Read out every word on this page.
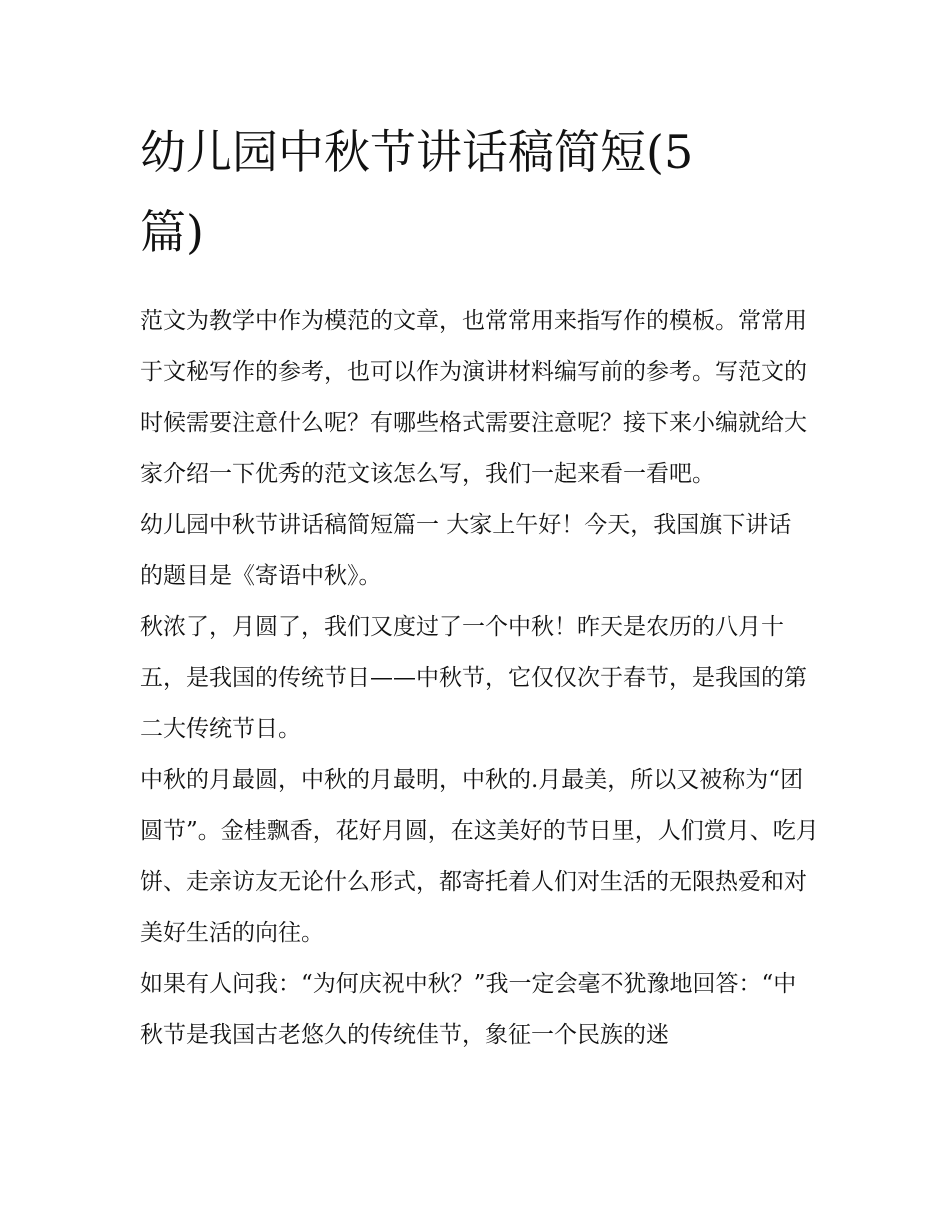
幼儿园中秋节讲话稿简短(5篇)

范文为教学中作为模范的文章，也常常用来指写作的模板。常常用于文秘写作的参考，也可以作为演讲材料编写前的参考。写范文的时候需要注意什么呢？有哪些格式需要注意呢？接下来小编就给大家介绍一下优秀的范文该怎么写，我们一起来看一看吧。

幼儿园中秋节讲话稿简短篇一 大家上午好！今天，我国旗下讲话的题目是《寄语中秋》。

秋浓了，月圆了，我们又度过了一个中秋！昨天是农历的八月十五，是我国的传统节日——中秋节，它仅仅次于春节，是我国的第二大传统节日。

中秋的月最圆，中秋的月最明，中秋的.月最美，所以又被称为“团圆节”。金桂飘香，花好月圆，在这美好的节日里，人们赏月、吃月饼、走亲访友无论什么形式，都寄托着人们对生活的无限热爱和对美好生活的向往。

如果有人问我：“为何庆祝中秋？”我一定会毫不犹豫地回答：“中秋节是我国古老悠久的传统佳节，象征一个民族的迷
